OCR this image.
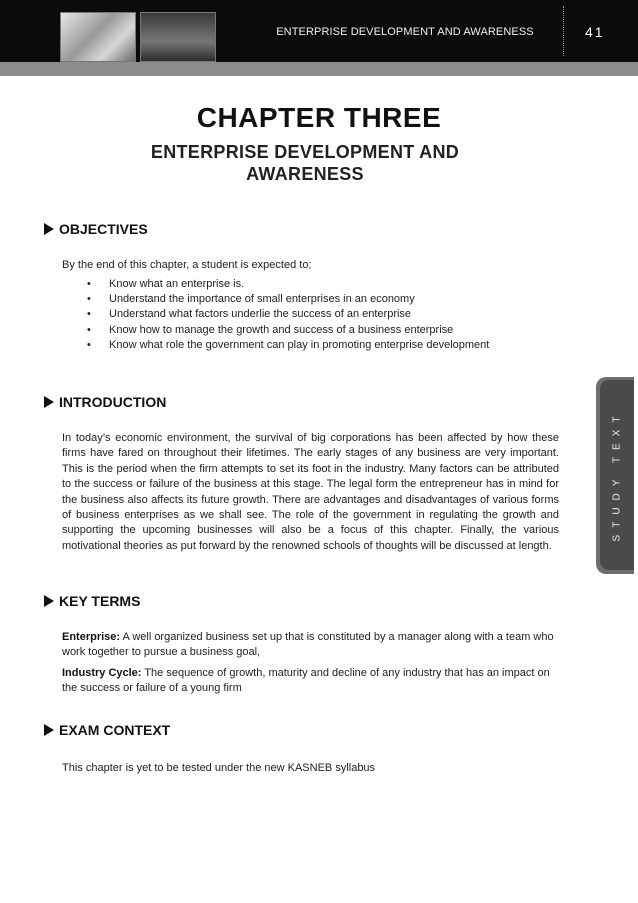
ENTERPRISE DEVELOPMENT AND AWARENESS	41
CHAPTER THREE
ENTERPRISE DEVELOPMENT AND AWARENESS
OBJECTIVES
By the end of this chapter, a student is expected to;
• Know what an enterprise is.
• Understand the importance of small enterprises in an economy
• Understand what factors underlie the success of an enterprise
• Know how to manage the growth and success of a business enterprise
• Know what role the government can play in promoting enterprise development
INTRODUCTION
In today’s economic environment, the survival of big corporations has been affected by how these firms have fared on throughout their lifetimes. The early stages of any business are very important. This is the period when the firm attempts to set its foot in the industry. Many factors can be attributed to the success or failure of the business at this stage. The legal form the entrepreneur has in mind for the business also affects its future growth. There are advantages and disadvantages of various forms of business enterprises as we shall see. The role of the government in regulating the growth and supporting the upcoming businesses will also be a focus of this chapter. Finally, the various motivational theories as put forward by the renowned schools of thoughts will be discussed at length.
KEY TERMS

Enterprise: A well organized business set up that is constituted by a manager along with a team who work together to pursue a business goal,

Industry Cycle: The sequence of growth, maturity and decline of any industry that has an impact on the success or failure of a young firm

EXAM CONTEXT
This chapter is yet to be tested under the new KASNEB syllabus
STUDY TEXT
